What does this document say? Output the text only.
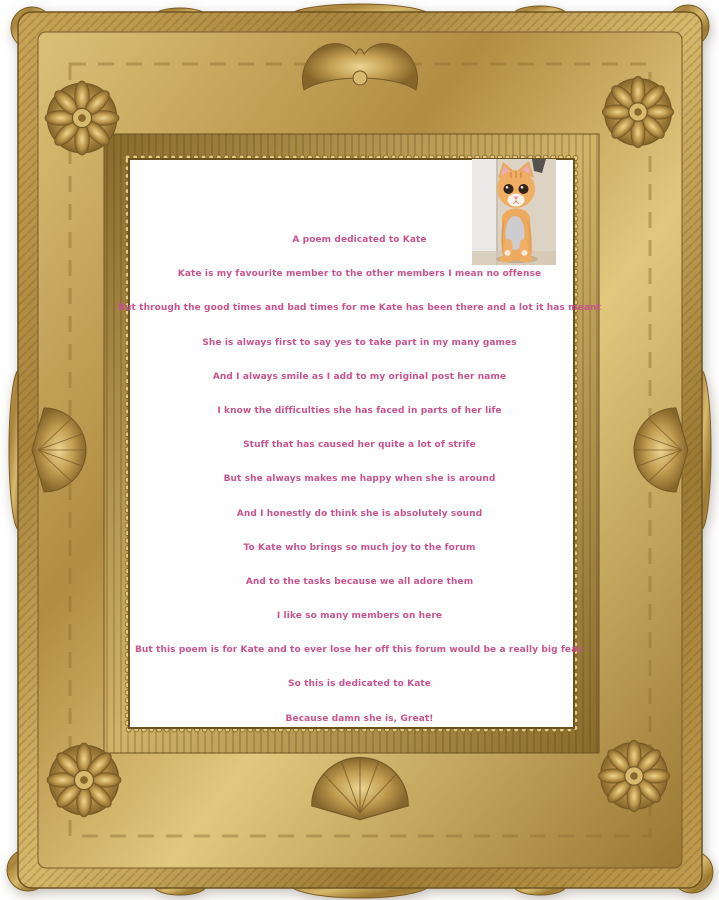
A poem dedicated to Kate

Kate is my favourite member to the other members I mean no offense

But through the good times and bad times for me Kate has been there and a lot it has meant

She is always first to say yes to take part in my many games

And I always smile as I add to my original post her name

I know the difficulties she has faced in parts of her life

Stuff that has caused her quite a lot of strife

But she always makes me happy when she is around

And I honestly do think she is absolutely sound

To Kate who brings so much joy to the forum

And to the tasks because we all adore them

I like so many members on here

But this poem is for Kate and to ever lose her off this forum would be a really big fear.

So this is dedicated to Kate

Because damn she is, Great!
